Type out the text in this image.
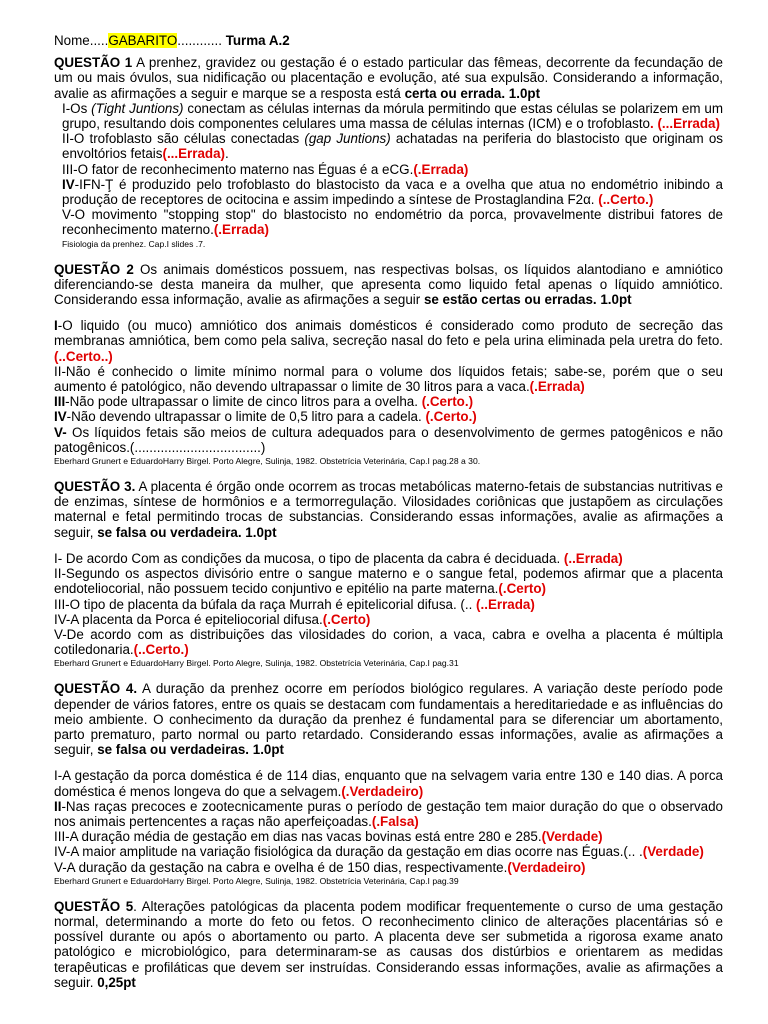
Nome.....GABARITO............ Turma A.2

QUESTÃO 1 A prenhez, gravidez ou gestação é o estado particular das fêmeas, decorrente da fecundação de um ou mais óvulos, sua nidificação ou placentação e evolução, até sua expulsão. Considerando a informação, avalie as afirmações a seguir e marque se a resposta está certa ou errada. 1.0pt

I-Os (Tight Juntions) conectam as células internas da mórula permitindo que estas células se polarizem em um grupo, resultando dois componentes celulares uma massa de células internas (ICM) e o trofoblasto. (...Errada)

II-O trofoblasto são células conectadas (gap Juntions) achatadas na periferia do blastocisto que originam os envoltórios fetais(...Errada).

III-O fator de reconhecimento materno nas Éguas é a eCG.(.Errada)

IV-IFN-Ţ é produzido pelo trofoblasto do blastocisto da vaca e a ovelha que atua no endométrio inibindo a produção de receptores de ocitocina e assim impedindo a síntese de Prostaglandina F2α. (..Certo.)

V-O movimento "stopping stop" do blastocisto no endométrio da porca, provavelmente distribui fatores de reconhecimento materno.(.Errada)

Fisiologia da prenhez. Cap.I slides .7.

QUESTÃO 2 Os animais domésticos possuem, nas respectivas bolsas, os líquidos alantodiano e amniótico diferenciando-se desta maneira da mulher, que apresenta como liquido fetal apenas o líquido amniótico. Considerando essa informação, avalie as afirmações a seguir se estão certas ou erradas. 1.0pt

I-O liquido (ou muco) amniótico dos animais domésticos é considerado como produto de secreção das membranas amniótica, bem como pela saliva, secreção nasal do feto e pela urina eliminada pela uretra do feto.(..Certo..)

II-Não é conhecido o limite mínimo normal para o volume dos líquidos fetais; sabe-se, porém que o seu aumento é patológico, não devendo ultrapassar o limite de 30 litros para a vaca.(.Errada)

III-Não pode ultrapassar o limite de cinco litros para a ovelha. (.Certo.)

IV-Não devendo ultrapassar o limite de 0,5 litro para a cadela. (.Certo.)

V- Os líquidos fetais são meios de cultura adequados para o desenvolvimento de germes patogênicos e não patogênicos.(..................................)

Eberhard Grunert e EduardoHarry Birgel. Porto Alegre, Sulinja, 1982. Obstetrícia Veterinária, Cap.I pag.28 a 30.

QUESTÃO 3. A placenta é órgão onde ocorrem as trocas metabólicas materno-fetais de substancias nutritivas e de enzimas, síntese de hormônios e a termorregulação. Vilosidades coriônicas que justapõem as circulações maternal e fetal permitindo trocas de substancias. Considerando essas informações, avalie as afirmações a seguir, se falsa ou verdadeira. 1.0pt

I- De acordo Com as condições da mucosa, o tipo de placenta da cabra é deciduada. (..Errada)

II-Segundo os aspectos divisório entre o sangue materno e o sangue fetal, podemos afirmar que a placenta endoteliocorial, não possuem tecido conjuntivo e epitélio na parte materna.(.Certo)

III-O tipo de placenta da búfala da raça Murrah é epitelicorial difusa. (.. (..Errada)

IV-A placenta da Porca é epiteliocorial difusa.(.Certo)

V-De acordo com as distribuições das vilosidades do corion, a vaca, cabra e ovelha a placenta é múltipla cotiledonaria.(..Certo.)

Eberhard Grunert e EduardoHarry Birgel. Porto Alegre, Sulinja, 1982. Obstetrícia Veterinária, Cap.I pag.31

QUESTÃO 4. A duração da prenhez ocorre em períodos biológico regulares. A variação deste período pode depender de vários fatores, entre os quais se destacam com fundamentais a hereditariedade e as influências do meio ambiente. O conhecimento da duração da prenhez é fundamental para se diferenciar um abortamento, parto prematuro, parto normal ou parto retardado. Considerando essas informações, avalie as afirmações a seguir, se falsa ou verdadeiras. 1.0pt

I-A gestação da porca doméstica é de 114 dias, enquanto que na selvagem varia entre 130 e 140 dias. A porca doméstica é menos longeva do que a selvagem.(.Verdadeiro)

II-Nas raças precoces e zootecnicamente puras o período de gestação tem maior duração do que o observado nos animais pertencentes a raças não aperfeiçoadas.(.Falsa)

III-A duração média de gestação em dias nas vacas bovinas está entre 280 e 285.(Verdade)

IV-A maior amplitude na variação fisiológica da duração da gestação em dias ocorre nas Éguas.(.. .(Verdade)

V-A duração da gestação na cabra e ovelha é de 150 dias, respectivamente.(Verdadeiro)

Eberhard Grunert e EduardoHarry Birgel. Porto Alegre, Sulinja, 1982. Obstetrícia Veterinária, Cap.I pag.39

QUESTÃO 5. Alterações patológicas da placenta podem modificar frequentemente o curso de uma gestação normal, determinando a morte do feto ou fetos. O reconhecimento clinico de alterações placentárias só e possível durante ou após o abortamento ou parto. A placenta deve ser submetida a rigorosa exame anato patológico e microbiológico, para determinaram-se as causas dos distúrbios e orientarem as medidas terapêuticas e profiláticas que devem ser instruídas. Considerando essas informações, avalie as afirmações a seguir. 0,25pt
